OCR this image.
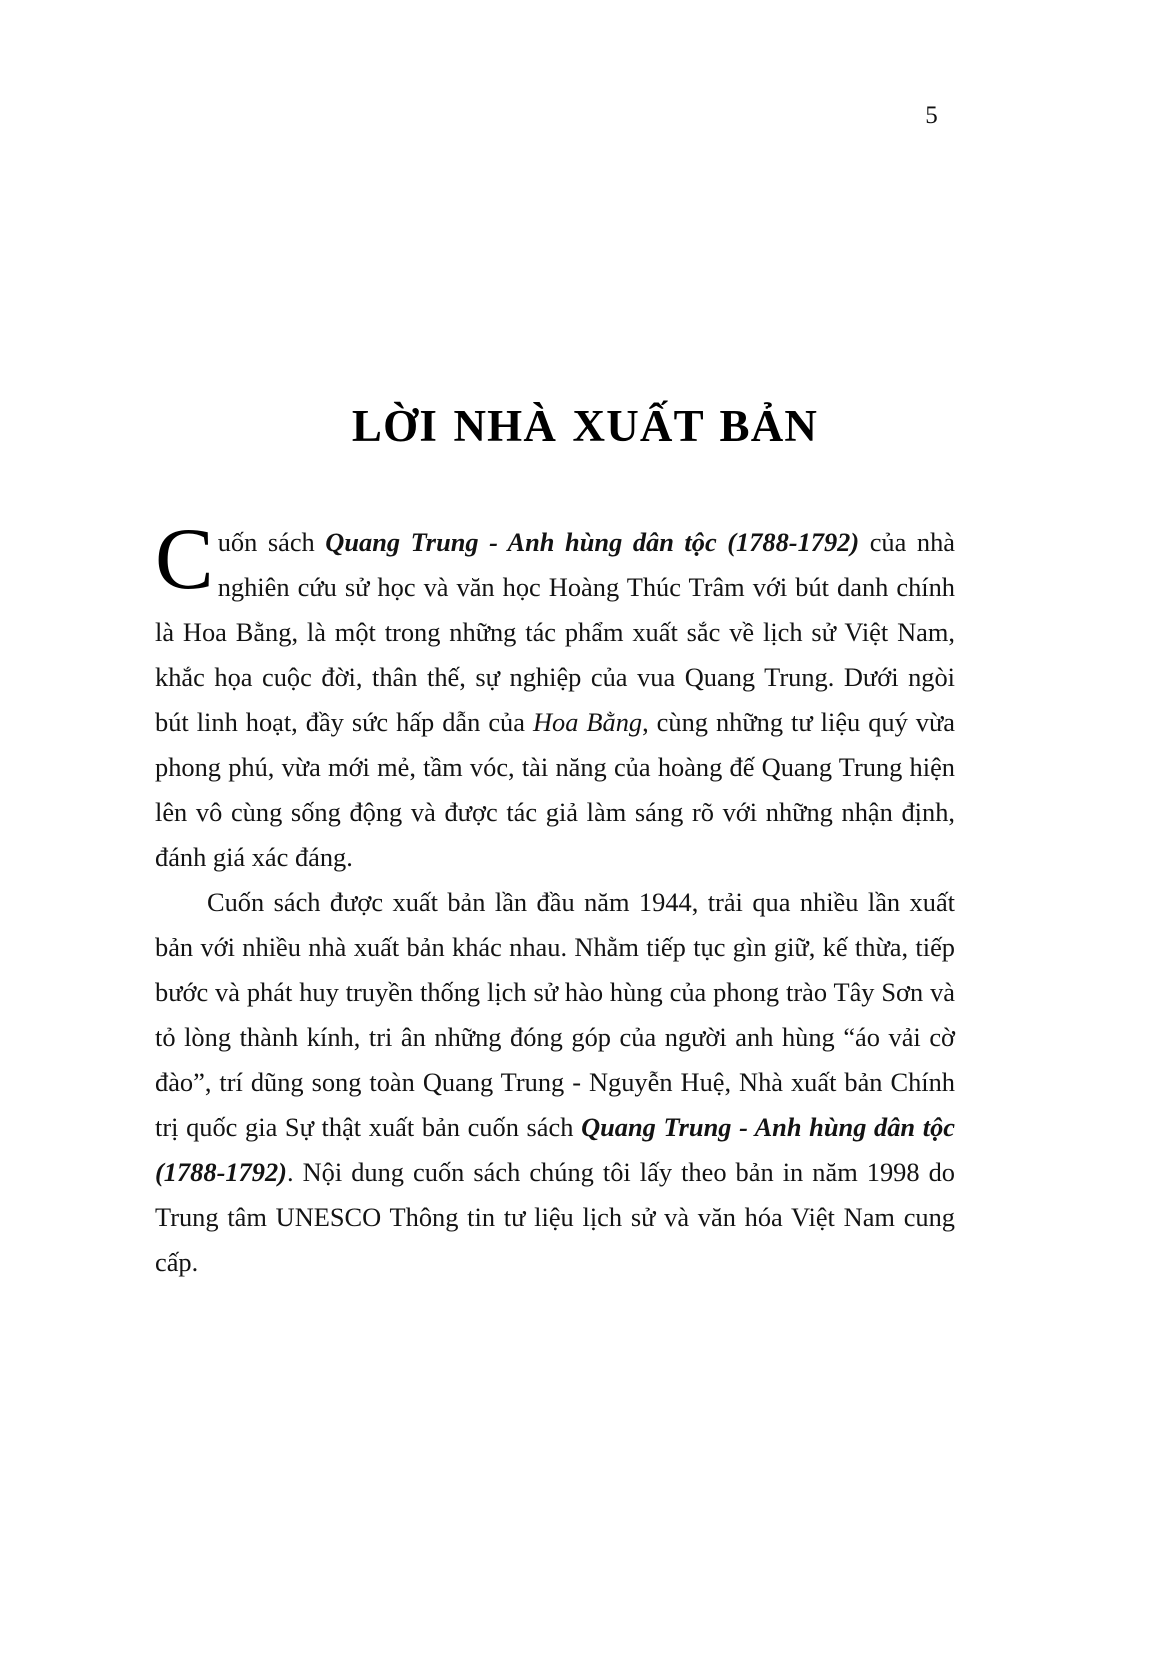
5
LỜI NHÀ XUẤT BẢN

Cuốn sách Quang Trung - Anh hùng dân tộc (1788-1792) của nhà nghiên cứu sử học và văn học Hoàng Thúc Trâm với bút danh chính là Hoa Bằng, là một trong những tác phẩm xuất sắc về lịch sử Việt Nam, khắc họa cuộc đời, thân thế, sự nghiệp của vua Quang Trung. Dưới ngòi bút linh hoạt, đầy sức hấp dẫn của Hoa Bằng, cùng những tư liệu quý vừa phong phú, vừa mới mẻ, tầm vóc, tài năng của hoàng đế Quang Trung hiện lên vô cùng sống động và được tác giả làm sáng rõ với những nhận định, đánh giá xác đáng.

Cuốn sách được xuất bản lần đầu năm 1944, trải qua nhiều lần xuất bản với nhiều nhà xuất bản khác nhau. Nhằm tiếp tục gìn giữ, kế thừa, tiếp bước và phát huy truyền thống lịch sử hào hùng của phong trào Tây Sơn và tỏ lòng thành kính, tri ân những đóng góp của người anh hùng “áo vải cờ đào”, trí dũng song toàn Quang Trung - Nguyễn Huệ, Nhà xuất bản Chính trị quốc gia Sự thật xuất bản cuốn sách Quang Trung - Anh hùng dân tộc (1788-1792). Nội dung cuốn sách chúng tôi lấy theo bản in năm 1998 do Trung tâm UNESCO Thông tin tư liệu lịch sử và văn hóa Việt Nam cung cấp.
